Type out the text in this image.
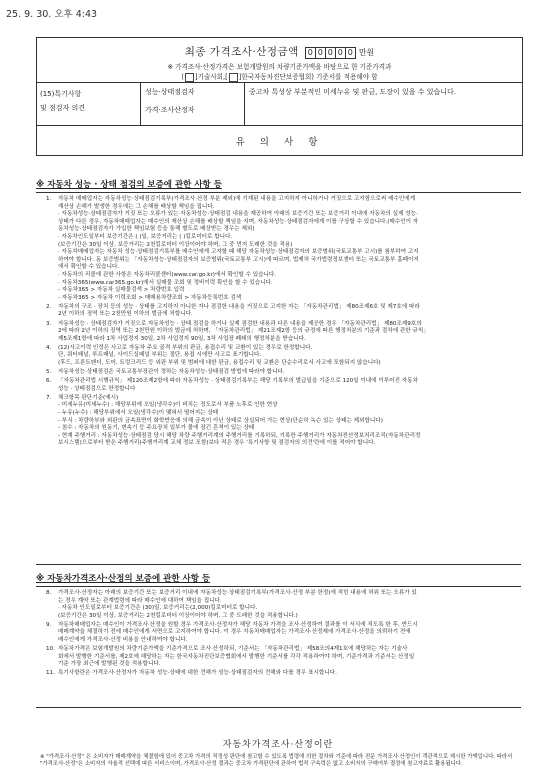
25. 9. 30. 오후 4:43
최종 가격조사·산정금액 0 0 0 0 0 만원
※ 가격조사·산정가격은 보험개발원의 차량기준가액을 바탕으로 한 기준가격과
( ]기술사회,[ ]한국자동차진단보증협회) 기준서를 적용해야 함
(15)특기사항
및 점검자 의견
성능·상태점검자
가격·조사산정자
중고차 특성상 부분적인 미세누유 및 판금, 도장이 있을 수 있습니다.
유 의 사 항
※ 자동차 성능 · 상태 점검의 보증에 관한 사항 등
1.	자동차 매매업자는 자동차성능·상태점검기록부(가격조사·산정 부분 제외)에 기재된 내용을 고지하지 아니하거나 거짓으로 고지함으로써 매수인에게
재산상 손해가 발생한 경우에는 그 손해를 배상할 책임을 집니다.
· 자동차성능·상태점검자가 거짓 또는 오류가 있는 자동차성능·상태점검 내용을 제공하여 아래의 보증기간 또는 보증거리 이내에 자동차의 실제 성능·
상태가 다른 경우, 자동차매매업자는 매수인의 재산상 손해를 배상할 책임을 지며, 자동차성능·상태점검자에게 이를 구상할 수 있습니다.(매수인이 자
동차성능·상태점검자가 가입한 책임보험 등을 통해 별도로 배상받는 경우는 제외)
· 자동차인도일부터 보증기간은 ( )일, 보증거리는 ( )킬로미터로 합니다.
(보증기간은 30일 이상, 보증거리는 2천킬로미터 이상이어야 하며, 그 중 먼저 도래한 것을 적용)
· 자동차매매업자는 자동차 성능·상태점검기록부를 매수인에게 고지할 때 해당 자동차성능·상태점검자의 보증범위(국토교통부 고시)를 첨부하여 고지
하여야 합니다. 동 보증범위는 「자동차성능·상태점검자의 보증범위(국토교통부 고시)에 따르며, 법제처 국가법령정보센터 또는 국토교통부 홈페이지
에서 확인할 수 있습니다.
· 자동차의 리콜에 관한 사항은 자동차리콜센터(www.car.go.kr)에서 확인할 수 있습니다.
· 자동차365(www.car365.go.kr)에서 실매물 조회 및 정비이력 확인을 할 수 있습니다.
- 자동차365 > 자동차 실매물검색 > 차량번호 입력
- 자동차365 > 자동차 이력조회 > 매매용차량조회 > 자동차등록번호 검색
2.	자동차의 구조 · 장치 등의 성능 · 상태를 고지하지 아니한 자나 점검한 내용을 거짓으로 고지한 자는 「자동차관리법」 제80조제6호 및 제7호에 따라
2년 이하의 징역 또는 2천만원 이하의 벌금에 처합니다.
3.	자동차성능 · 상태점검자가 거짓으로 자동차성능 · 상태 점검을 하거나 실제 점검한 내용과 다른 내용을 제공한 경우 「자동차관리법」 제80조제9호의
2에 따라 2년 이하의 징역 또는 2천만원 이하의 벌금에 처하며, 「자동차관리법」 제21조제2항 등의 규정에 따른 행정처분의 기준과 절차에 관한 규칙」
제5조제1항에 따라 1차 사업정지 30일, 2차 사업정지 90일, 3차 사업장 폐쇄의 행정처분을 받습니다.
4.	(12)사고이력 인정은 사고로 자동차 주요 골격 부위의 판금, 용접수리 및 교환이 있는 경우로 한정합니다.
단, 쿼터패널, 루프패널, 사이드실패널 부위는 절단, 용접 시에만 사고로 표기합니다.
(후드, 프론트펜더, 도어, 트렁크리드 등 외판 부위 및 범퍼에 대한 판금, 용접수리 및 교환은 단순수리로서 사고에 포함되지 않습니다)
5.	자동차성능·상태점검은 국토교통부장관이 정하는 자동차성능·상태점검 방법에 따라야 합니다.
6.	「자동차관리법 시행규칙」 제120조제2항에 따라 자동차성능 · 상태점검기록부는 해당 기록부의 발급일을 기준으로 120일 이내에 이루어진 자동차
성능 · 상태점검으로 한정합니다
7.	체크항목 판단기준(예시)
- 미세누유(미세누수) : 해당부위에 오일(냉각수)이 비치는 정도로서 부품 노후로 인한 현상
- 누유(누수) : 해당부위에서 오일(냉각수)이 맺혀서 떨어지는 상태
- 부식 : 차량하부와 외판의 금속표면이 화학반응에 의해 금속이 아닌 상태로 상실되어 가는 현상(단순히 녹슨 있는 상태는 제외합니다)
- 침수 : 자동차의 원동기, 변속기 등 주요장치 일부가 물에 잠긴 흔적이 있는 상태
- 현재 주행거리 : 자동차성능·상태점검 당시 해당 차량 주행거리계의 주행거리를 기록하되, 기록한 주행거리가 자동차전산정보처리조직(자동차관리정
보시스템)으로부터 받은 주행거리(주행거리계 교체 정보 포함)보다 적은 경우 '특기사항 및 점검자의 의견'란에 이를 적어야 합니다.
※ 자동차가격조사·산정의 보증에 관한 사항 등
8.	가격조사·산정자는 아래의 보증기간 또는 보증거리 이내에 자동차성능·상태점검기록부(가격조사·산정 부분 한정)에 적힌 내용에 허위 또는 오류가 있
는 경우 계약 또는 관계법령에 따라 매수인에 대하여 책임을 집니다.
· 자동차 인도일로부터 보증기간은 (30)일, 보증거리는(2,000)킬로미터로 합니다.
(보증기간은 30일 이상, 보증거리는 2천킬로미터 이상이어야 하며, 그 중 도래한 것을 적용합니다.)
9.	자동차매매업자는 매수인이 가격조사·산정을 원할 경우 가격조사·산정자가 해당 자동차 가격을 조사·산정하여 결과를 이 서식에 적도록 한 후, 반드시
매매계약을 체결하기 전에 매수인에게 서면으로 고지하여야 합니다. 이 경우 자동차매매업자는 가격조사·산정제에 가격조사·산정을 의뢰하기 전에
매수인에게 가격조사·산정 비용을 안내하여야 합니다.
10. 자동차가격은 보험개발원의 차량기준가액을 기준가격으로 조사·산정하되, 기준서는 「자동차관리법」 제58조의4제1호에 해당하는 자는 기술사
회에서 발행한 기준서를, 제2호에 해당하는 자는 한국자동차진단보증협회에서 발행한 기준서를 각각 적용하여야 하며, 기준가격과 기준서는 산정일
기준 가장 최근에 발행된 것을 적용합니다.
11. 특기사항란은 가격조사·산정자가 자동차 성능·상태에 대한 견해가 성능·상태점검자의 견해와 다를 경우 표시합니다.
자동차가격조사·산정이란
※ "가격조사·산정" 은 소비자가 매매계약을 체결함에 있어 중고차 가격의 적정성 판단에 참고할 수 있도록 법령에 의한 절차와 기준에 따라 전문 가격조사·산정인이 객관적으로 제시한 가액입니다. 따라서 "가격조사·산정"은 소비자의 자율적 선택에 따른 서비스이며, 가격조사·산정 결과는 중고차 가격판단에 관하여 법적 구속력은 없고 소비자의 구매여부 결정에 참고자료로 활용됩니다.
